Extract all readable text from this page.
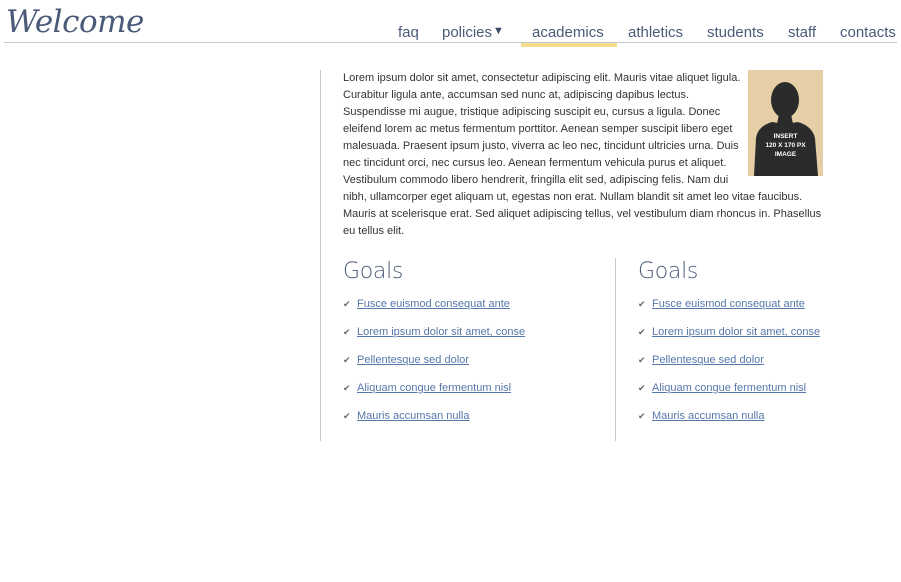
Welcome	faq policies▼ academics athletics students staff contacts
INSERT
120 X 170 PX
IMAGE
Lorem ipsum dolor sit amet, consectetur adipiscing elit. Mauris vitae aliquet ligula. Curabitur ligula ante, accumsan sed nunc at, adipiscing dapibus lectus. Suspendisse mi augue, tristique adipiscing suscipit eu, cursus a ligula. Donec eleifend lorem ac metus fermentum porttitor. Aenean semper suscipit libero eget malesuada. Praesent ipsum justo, viverra ac leo nec, tincidunt ultricies urna. Duis nec tincidunt orci, nec cursus leo. Aenean fermentum vehicula purus et aliquet. Vestibulum commodo libero hendrerit, fringilla elit sed, adipiscing felis. Nam dui nibh, ullamcorper eget aliquam ut, egestas non erat. Nullam blandit sit amet leo vitae faucibus. Mauris at scelerisque erat. Sed aliquet adipiscing tellus, vel vestibulum diam rhoncus in. Phasellus eu tellus elit.
Goals
✔ Fusce euismod consequat ante
✔ Lorem ipsum dolor sit amet, conse
✔ Pellentesque sed dolor
✔ Aliquam congue fermentum nisl
✔ Mauris accumsan nulla
Goals
✔ Fusce euismod consequat ante
✔ Lorem ipsum dolor sit amet, conse
✔ Pellentesque sed dolor
✔ Aliquam congue fermentum nisl
✔ Mauris accumsan nulla
